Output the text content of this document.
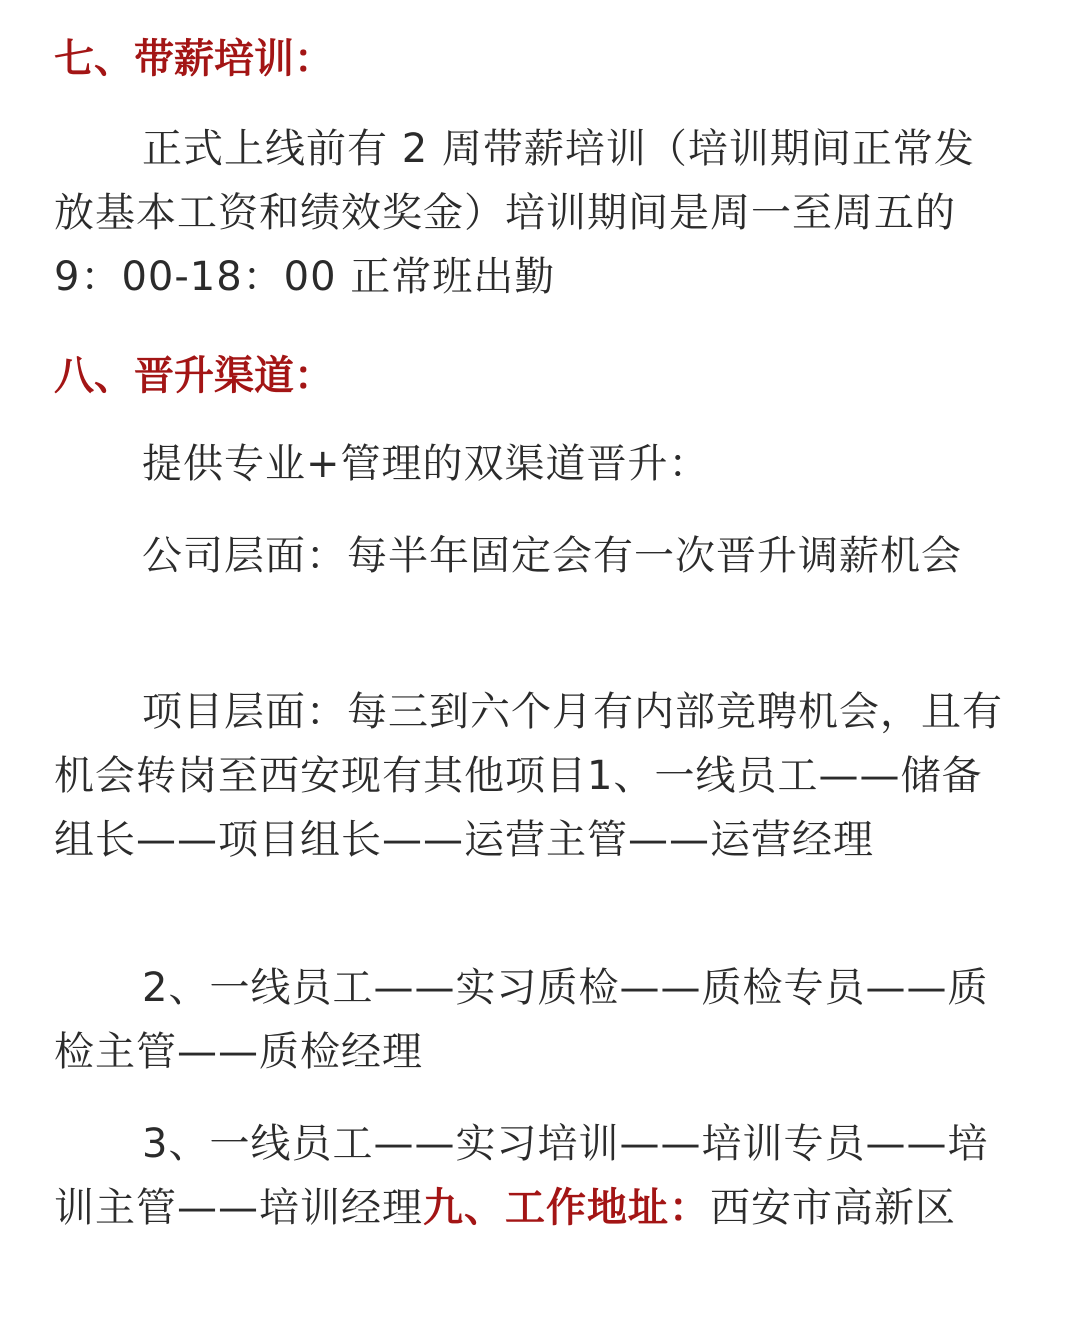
七、带薪培训：

正式上线前有 2 周带薪培训（培训期间正常发放基本工资和绩效奖金）培训期间是周一至周五的 9：00-18：00 正常班出勤

八、晋升渠道：

提供专业+管理的双渠道晋升：

公司层面：每半年固定会有一次晋升调薪机会

项目层面：每三到六个月有内部竞聘机会，且有机会转岗至西安现有其他项目1、一线员工——储备组长——项目组长——运营主管——运营经理

2、一线员工——实习质检——质检专员——质检主管——质检经理

3、一线员工——实习培训——培训专员——培训主管——培训经理九、工作地址：西安市高新区
